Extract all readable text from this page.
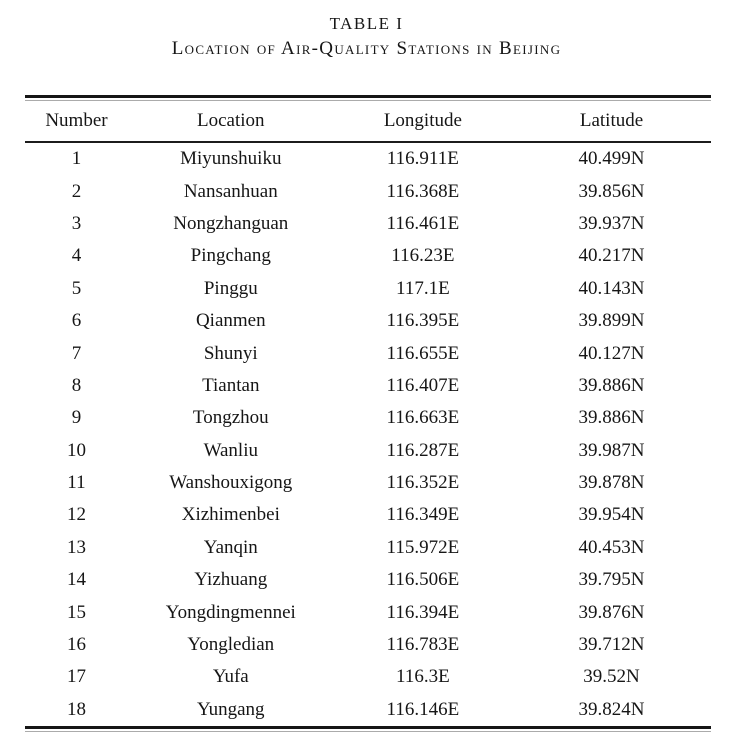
TABLE I
Location of Air-Quality Stations in Beijing
Number	Location	Longitude	Latitude
1	Miyunshuiku	116.911E	40.499N
2	Nansanhuan	116.368E	39.856N
3	Nongzhanguan	116.461E	39.937N
4	Pingchang	116.23E	40.217N
5	Pinggu	117.1E	40.143N
6	Qianmen	116.395E	39.899N
7	Shunyi	116.655E	40.127N
8	Tiantan	116.407E	39.886N
9	Tongzhou	116.663E	39.886N
10	Wanliu	116.287E	39.987N
11	Wanshouxigong	116.352E	39.878N
12	Xizhimenbei	116.349E	39.954N
13	Yanqin	115.972E	40.453N
14	Yizhuang	116.506E	39.795N
15	Yongdingmennei	116.394E	39.876N
16	Yongledian	116.783E	39.712N
17	Yufa	116.3E	39.52N
18	Yungang	116.146E	39.824N
